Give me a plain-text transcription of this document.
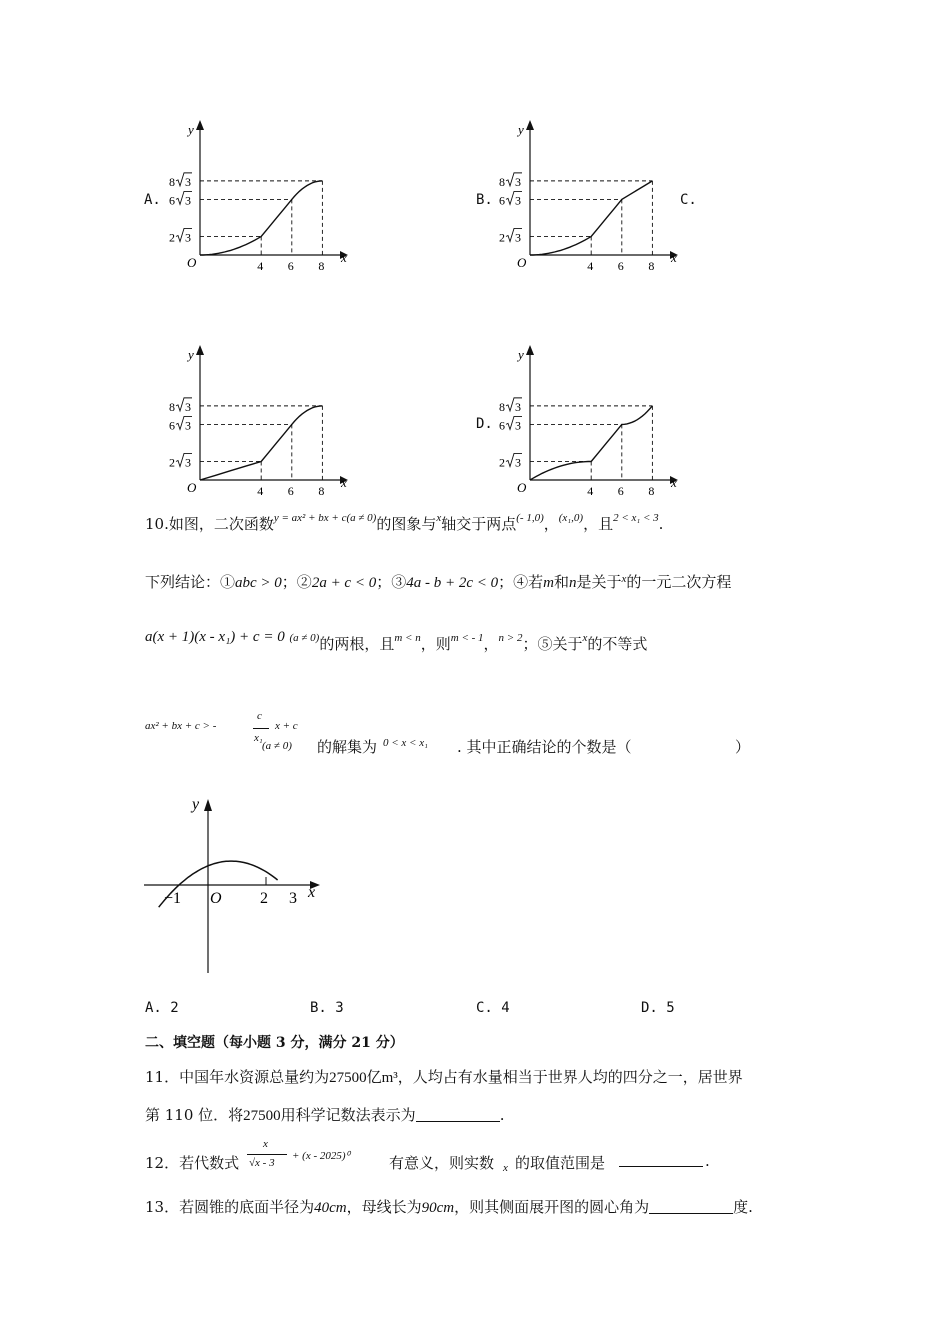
x
y
O	4 6 8
8 3
6 3
2 3
x
y
O	4 6 8
8 3
6 3
2 3
x
y
O	4 6 8
8 3
6 3
2 3
x
y
O	4 6 8
8 3
6 3
2 3
A.	B.	C.
D.
10.如图，二次函数$^{y = ax^2 + bx + c(a \ne 0)}$的图象与$^x$轴交于两点$^{(- 1,0)}$，$^{(x_1,0)}$，且$^{2 < x_1 < 3}$.
下列结论：①abc > 0；②2a + c < 0；③4a - b + 2c < 0；④若m和n是关于$^x$的一元二次方程
a(x + 1)(x - x₁) + c = 0 (a ≠ 0)的两根，且m < n，则m < - 1，n > 2；⑤关于x的不等式
ax² + bx + c > -
c
x₁
x + c
(a ≠ 0) 的解集为 0 < x < x₁ . 其中正确结论的个数是（	）
x
y
O
−1	2 3
A. 2	B. 3	C. 4	D. 5
二、填空题（每小题 3 分，满分 21 分）
11．中国年水资源总量约为27500亿m³，人均占有水量相当于世界人均的四分之一，居世界
第 110 位．将27500用科学记数法表示为	.
12．若代数式
x
√x - 3
+ (x - 2025)⁰	有意义，则实数 x 的取值范围是	.
13．若圆锥的底面半径为40cm，母线长为90cm，则其侧面展开图的圆心角为	度.
